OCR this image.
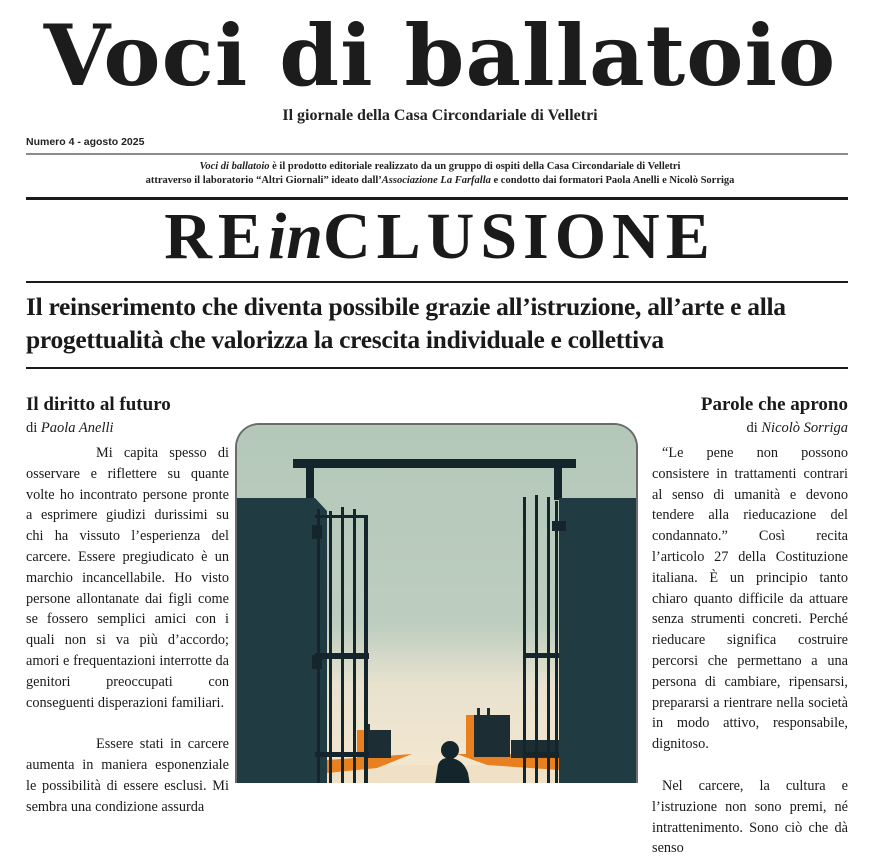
Voci di ballatoio
Il giornale della Casa Circondariale di Velletri
Numero 4 - agosto 2025
Voci di ballatoio è il prodotto editoriale realizzato da un gruppo di ospiti della Casa Circondariale di Velletri
attraverso il laboratorio “Altri Giornali” ideato dall’Associazione La Farfalla e condotto dai formatori Paola Anelli e Nicolò Sorriga
REinCLUSIONE
Il reinserimento che diventa possibile grazie all’istruzione, all’arte e alla progettualità che valorizza la crescita individuale e collettiva
Il diritto al futuro

di Paola Anelli

Mi capita spesso di osservare e riflettere su quante volte ho incontrato persone pronte a esprimere giudizi durissimi su chi ha vissuto l’esperienza del carcere. Essere pregiudicato è un marchio incancellabile. Ho visto persone allontanate dai figli come se fossero semplici amici con i quali non si va più d’accordo; amori e frequentazioni interrotte da genitori preoccupati con conseguenti disperazioni familiari.

Essere stati in carcere aumenta in maniera esponenziale le possibilità di essere esclusi. Mi sembra una condizione assurda

Parole che aprono

di Nicolò Sorriga

“Le pene non possono consistere in trattamenti contrari al senso di umanità e devono tendere alla rieducazione del condannato.” Così recita l’articolo 27 della Costituzione italiana. È un principio tanto chiaro quanto difficile da attuare senza strumenti concreti. Perché rieducare significa costruire percorsi che permettano a una persona di cambiare, ripensarsi, prepararsi a rientrare nella società in modo attivo, responsabile, dignitoso.

Nel carcere, la cultura e l’istruzione non sono premi, né intrattenimento. Sono ciò che dà senso
